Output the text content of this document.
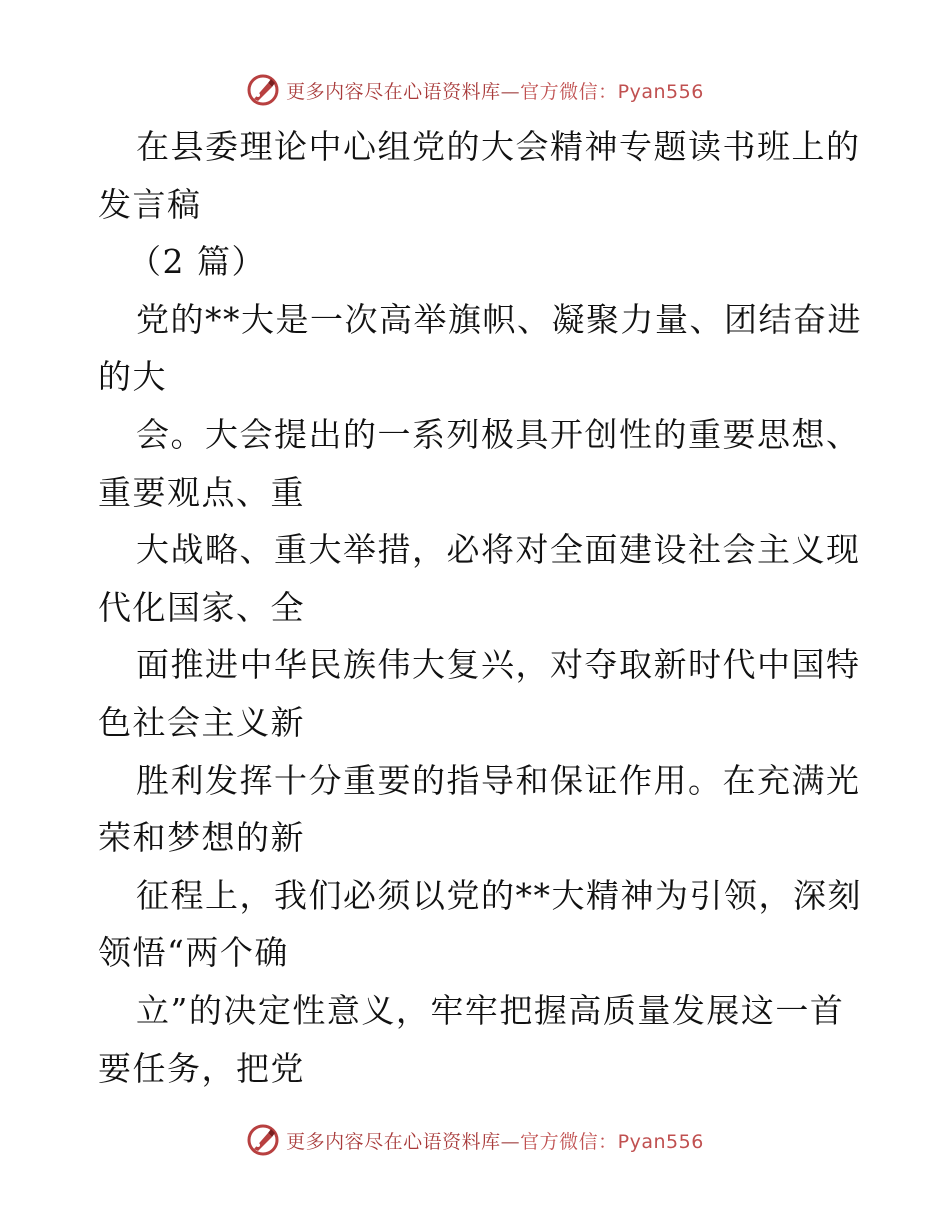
更多内容尽在心语资料库—官方微信：Pyan556
在县委理论中心组党的大会精神专题读书班上的
发言稿
（2 篇）
党的**大是一次高举旗帜、凝聚力量、团结奋进
的大
会。大会提出的一系列极具开创性的重要思想、
重要观点、重
大战略、重大举措，必将对全面建设社会主义现
代化国家、全
面推进中华民族伟大复兴，对夺取新时代中国特
色社会主义新
胜利发挥十分重要的指导和保证作用。在充满光
荣和梦想的新
征程上，我们必须以党的**大精神为引领，深刻
领悟“两个确
立”的决定性意义，牢牢把握高质量发展这一首
要任务，把党
更多内容尽在心语资料库—官方微信：Pyan556
